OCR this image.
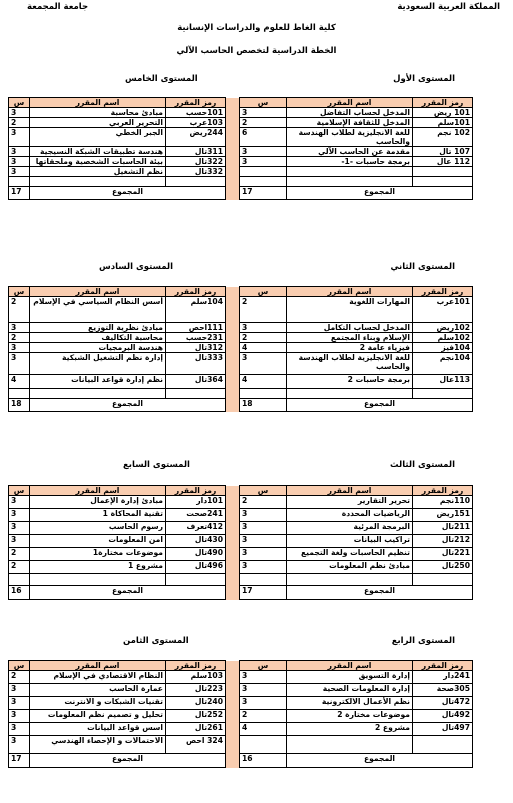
المملكة العربية السعودية
جامعة المجمعة
كلية الغاط للعلوم والدراسات الإنسانية
الخطة الدراسية لتخصص الحاسب الآلي
المستوى الأول
المستوى الخامس
المستوى الثاني
المستوى السادس
المستوى الثالث
المستوى السابع
المستوى الرابع
المستوى الثامن
رمز المقرر	اسم المقرر	س		رمز المقرر	اسم المقرر	س
101 ريض	المدخل لحساب التفاضل	3		101حسب	مبادئ محاسبة	3
101سلم	المدخل للثقافة الإسلامية	2		103عرب	التحرير العربي	2
102 نجم	للغة الانجليزية لطلاب الهندسة والحاسب	6		244ريض	الجبر الخطي	3
107 تال	مقدمة عن الحاسب الآلي	3		311تال	هندسة تطبيقات الشبكة النسيجية	3
112 عال	برمجة حاسبات -1-	3		322تال	بيئة الحاسبات الشخصية وملحقاتها	3
				332تال	نظم التشغيل	3

المجموع		17		المجموع		17
رمز المقرر	اسم المقرر	س		رمز المقرر	اسم المقرر	س
101عرب	المهارات اللغوية	2		104سلم	أسس النظام السياسي في الإسلام	2
102ريض	المدخل لحساب التكامل	3		111احص	مبادئ نظرية التوزيع	3
102سلم	الإسلام وبناء المجتمع	2		231حسب	محاسبة التكاليف	2
104فيز	فيزياء عامة 2	4		312تال	هندسة البرمجيات	3
104نجم	للغة الانجليزية لطلاب الهندسة والحاسب	3		333تال	إدارة نظم التشغيل الشبكية	3
113عال	برمجة حاسبات 2	4		364تال	نظم إدارة قواعد البيانات	4

المجموع		18		المجموع		18
رمز المقرر	اسم المقرر	س		رمز المقرر	اسم المقرر	س
110نجم	تحرير التقارير	2		101دار	مبادئ إدارة الإعمال	3
151ريض	الرياضيات المحددة	3		241صحت	تقنية المحاكاة 1	3
211تال	البرمجة المرئية	3		412تعرف	رسوم الحاسب	3
212تال	تراكيب البيانات	3		430تال	امن المعلومات	3
221تال	تنظيم الحاسبات ولغة التجميع	3		490تال	موضوعات مختارة1	2
250تال	مبادئ نظم المعلومات	3		496تال	مشروع 1	2

المجموع		17		المجموع		16
رمز المقرر	اسم المقرر	س		رمز المقرر	اسم المقرر	س
241دار	إدارة التسويق	3		103سلم	النظام الاقتصادي في الإسلام	2
305صحة	إدارة المعلومات الصحية	3		223تال	عمارة الحاسب	3
472تال	نظم الأعمال الالكترونية	3		240تال	تقنيات الشبكات و الانترنت	3
492تال	موضوعات مختارة 2	2		252تال	تحليل و تصميم نظم المعلومات	3
497تال	مشروع 2	4		261تال	اسس قواعد البيانات	3
				324 احص	الاحتمالات و الإحصاء الهندسي	3
المجموع		16		المجموع		17
